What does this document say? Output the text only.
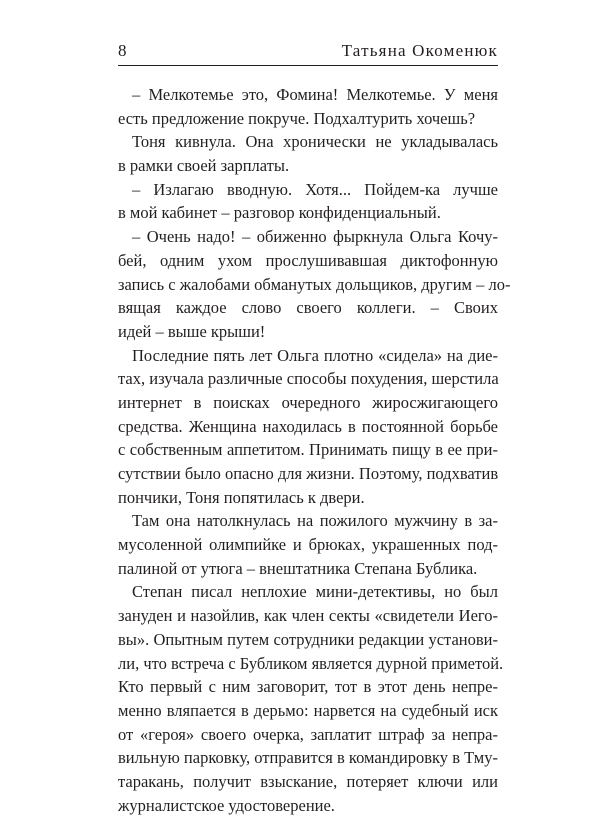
8	Татьяна Окоменюк
– Мелкотемье это, Фомина! Мелкотемье. У меня
есть предложение покруче. Подхалтурить хочешь?
Тоня кивнула. Она хронически не укладывалась
в рамки своей зарплаты.
– Излагаю вводную. Хотя... Пойдем-ка лучше
в мой кабинет – разговор конфиденциальный.
– Очень надо! – обиженно фыркнула Ольга Кочу-
бей, одним ухом прослушивавшая диктофонную
запись с жалобами обманутых дольщиков, другим – ло-
вящая каждое слово своего коллеги. – Своих
идей – выше крыши!
Последние пять лет Ольга плотно «сидела» на дие-
тах, изучала различные способы похудения, шерстила
интернет в поисках очередного жиросжигающего
средства. Женщина находилась в постоянной борьбе
с собственным аппетитом. Принимать пищу в ее при-
сутствии было опасно для жизни. Поэтому, подхватив
пончики, Тоня попятилась к двери.
Там она натолкнулась на пожилого мужчину в за-
мусоленной олимпийке и брюках, украшенных под-
палиной от утюга – внештатника Степана Бублика.
Степан писал неплохие мини-детективы, но был
зануден и назойлив, как член секты «свидетели Иего-
вы». Опытным путем сотрудники редакции установи-
ли, что встреча с Бубликом является дурной приметой.
Кто первый с ним заговорит, тот в этот день непре-
менно вляпается в дерьмо: нарвется на судебный иск
от «героя» своего очерка, заплатит штраф за непра-
вильную парковку, отправится в командировку в Тму-
таракань, получит взыскание, потеряет ключи или
журналистское удостоверение.
